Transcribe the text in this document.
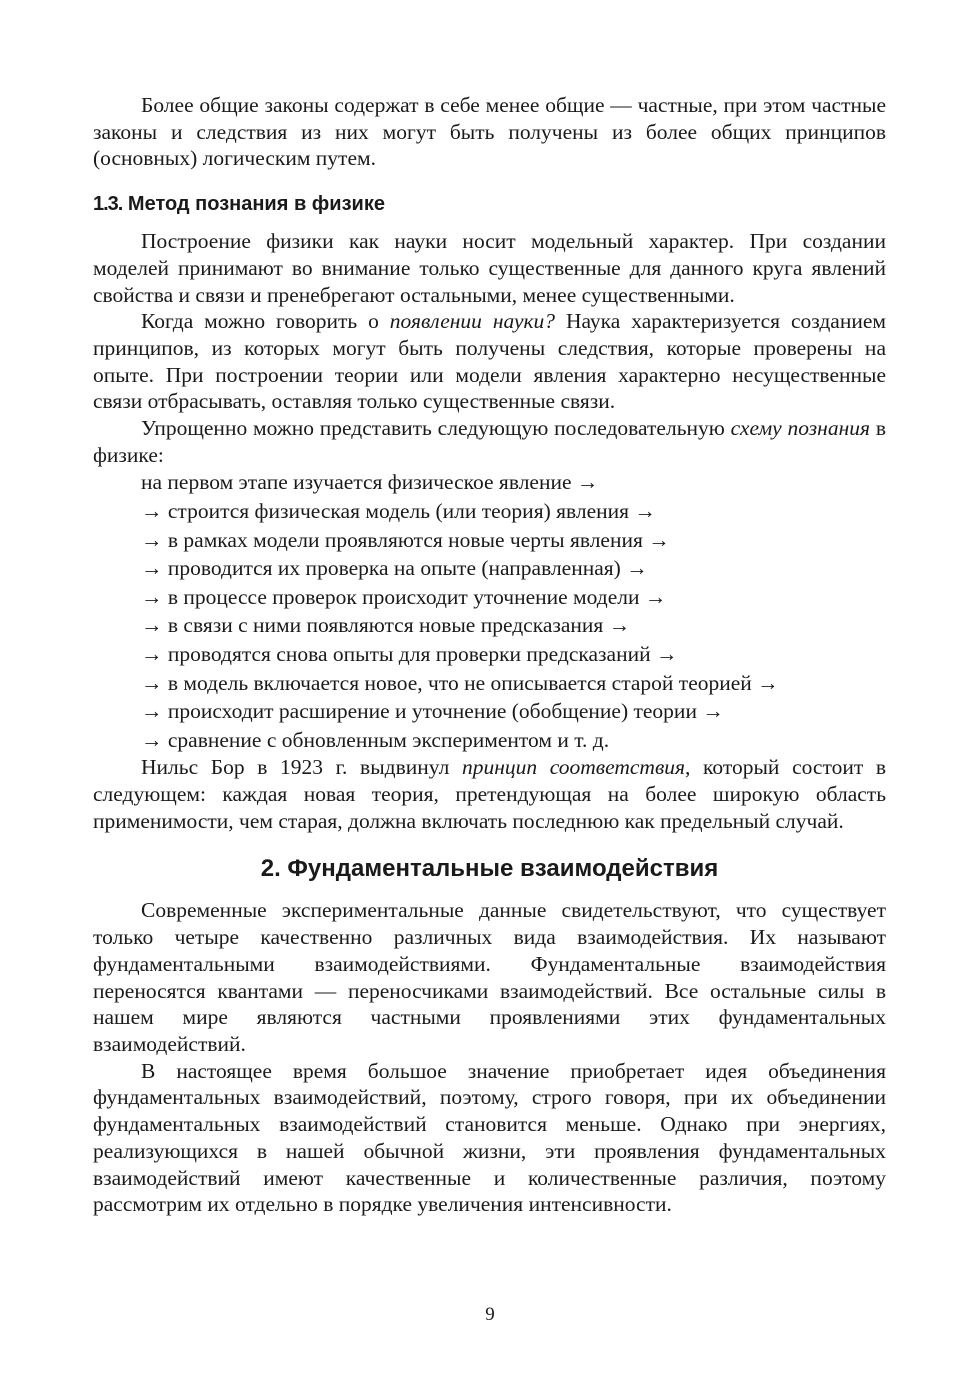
Более общие законы содержат в себе менее общие — частные, при этом частные законы и следствия из них могут быть получены из более общих принципов (основных) логическим путем.

1.3. Метод познания в физике

Построение физики как науки носит модельный характер. При создании моделей принимают во внимание только существенные для данного круга явлений свойства и связи и пренебрегают остальными, менее существенными.

Когда можно говорить о появлении науки? Наука характеризуется созданием принципов, из которых могут быть получены следствия, которые проверены на опыте. При построении теории или модели явления характерно несущественные связи отбрасывать, оставляя только существенные связи.

Упрощенно можно представить следующую последовательную схему познания в физике:

на первом этапе изучается физическое явление →
→ строится физическая модель (или теория) явления →
→ в рамках модели проявляются новые черты явления →
→ проводится их проверка на опыте (направленная) →
→ в процессе проверок происходит уточнение модели →
→ в связи с ними появляются новые предсказания →
→ проводятся снова опыты для проверки предсказаний →
→ в модель включается новое, что не описывается старой теорией →
→ происходит расширение и уточнение (обобщение) теории →
→ сравнение с обновленным экспериментом и т. д.

Нильс Бор в 1923 г. выдвинул принцип соответствия, который состоит в следующем: каждая новая теория, претендующая на более широкую область применимости, чем старая, должна включать последнюю как предельный случай.

2. Фундаментальные взаимодействия

Современные экспериментальные данные свидетельствуют, что существует только четыре качественно различных вида взаимодействия. Их называют фундаментальными взаимодействиями. Фундаментальные взаимодействия переносятся квантами — переносчиками взаимодействий. Все остальные силы в нашем мире являются частными проявлениями этих фундаментальных взаимодействий.

В настоящее время большое значение приобретает идея объединения фундаментальных взаимодействий, поэтому, строго говоря, при их объединении фундаментальных взаимодействий становится меньше. Однако при энергиях, реализующихся в нашей обычной жизни, эти проявления фундаментальных взаимодействий имеют качественные и количественные различия, поэтому рассмотрим их отдельно в порядке увеличения интенсивности.

9
